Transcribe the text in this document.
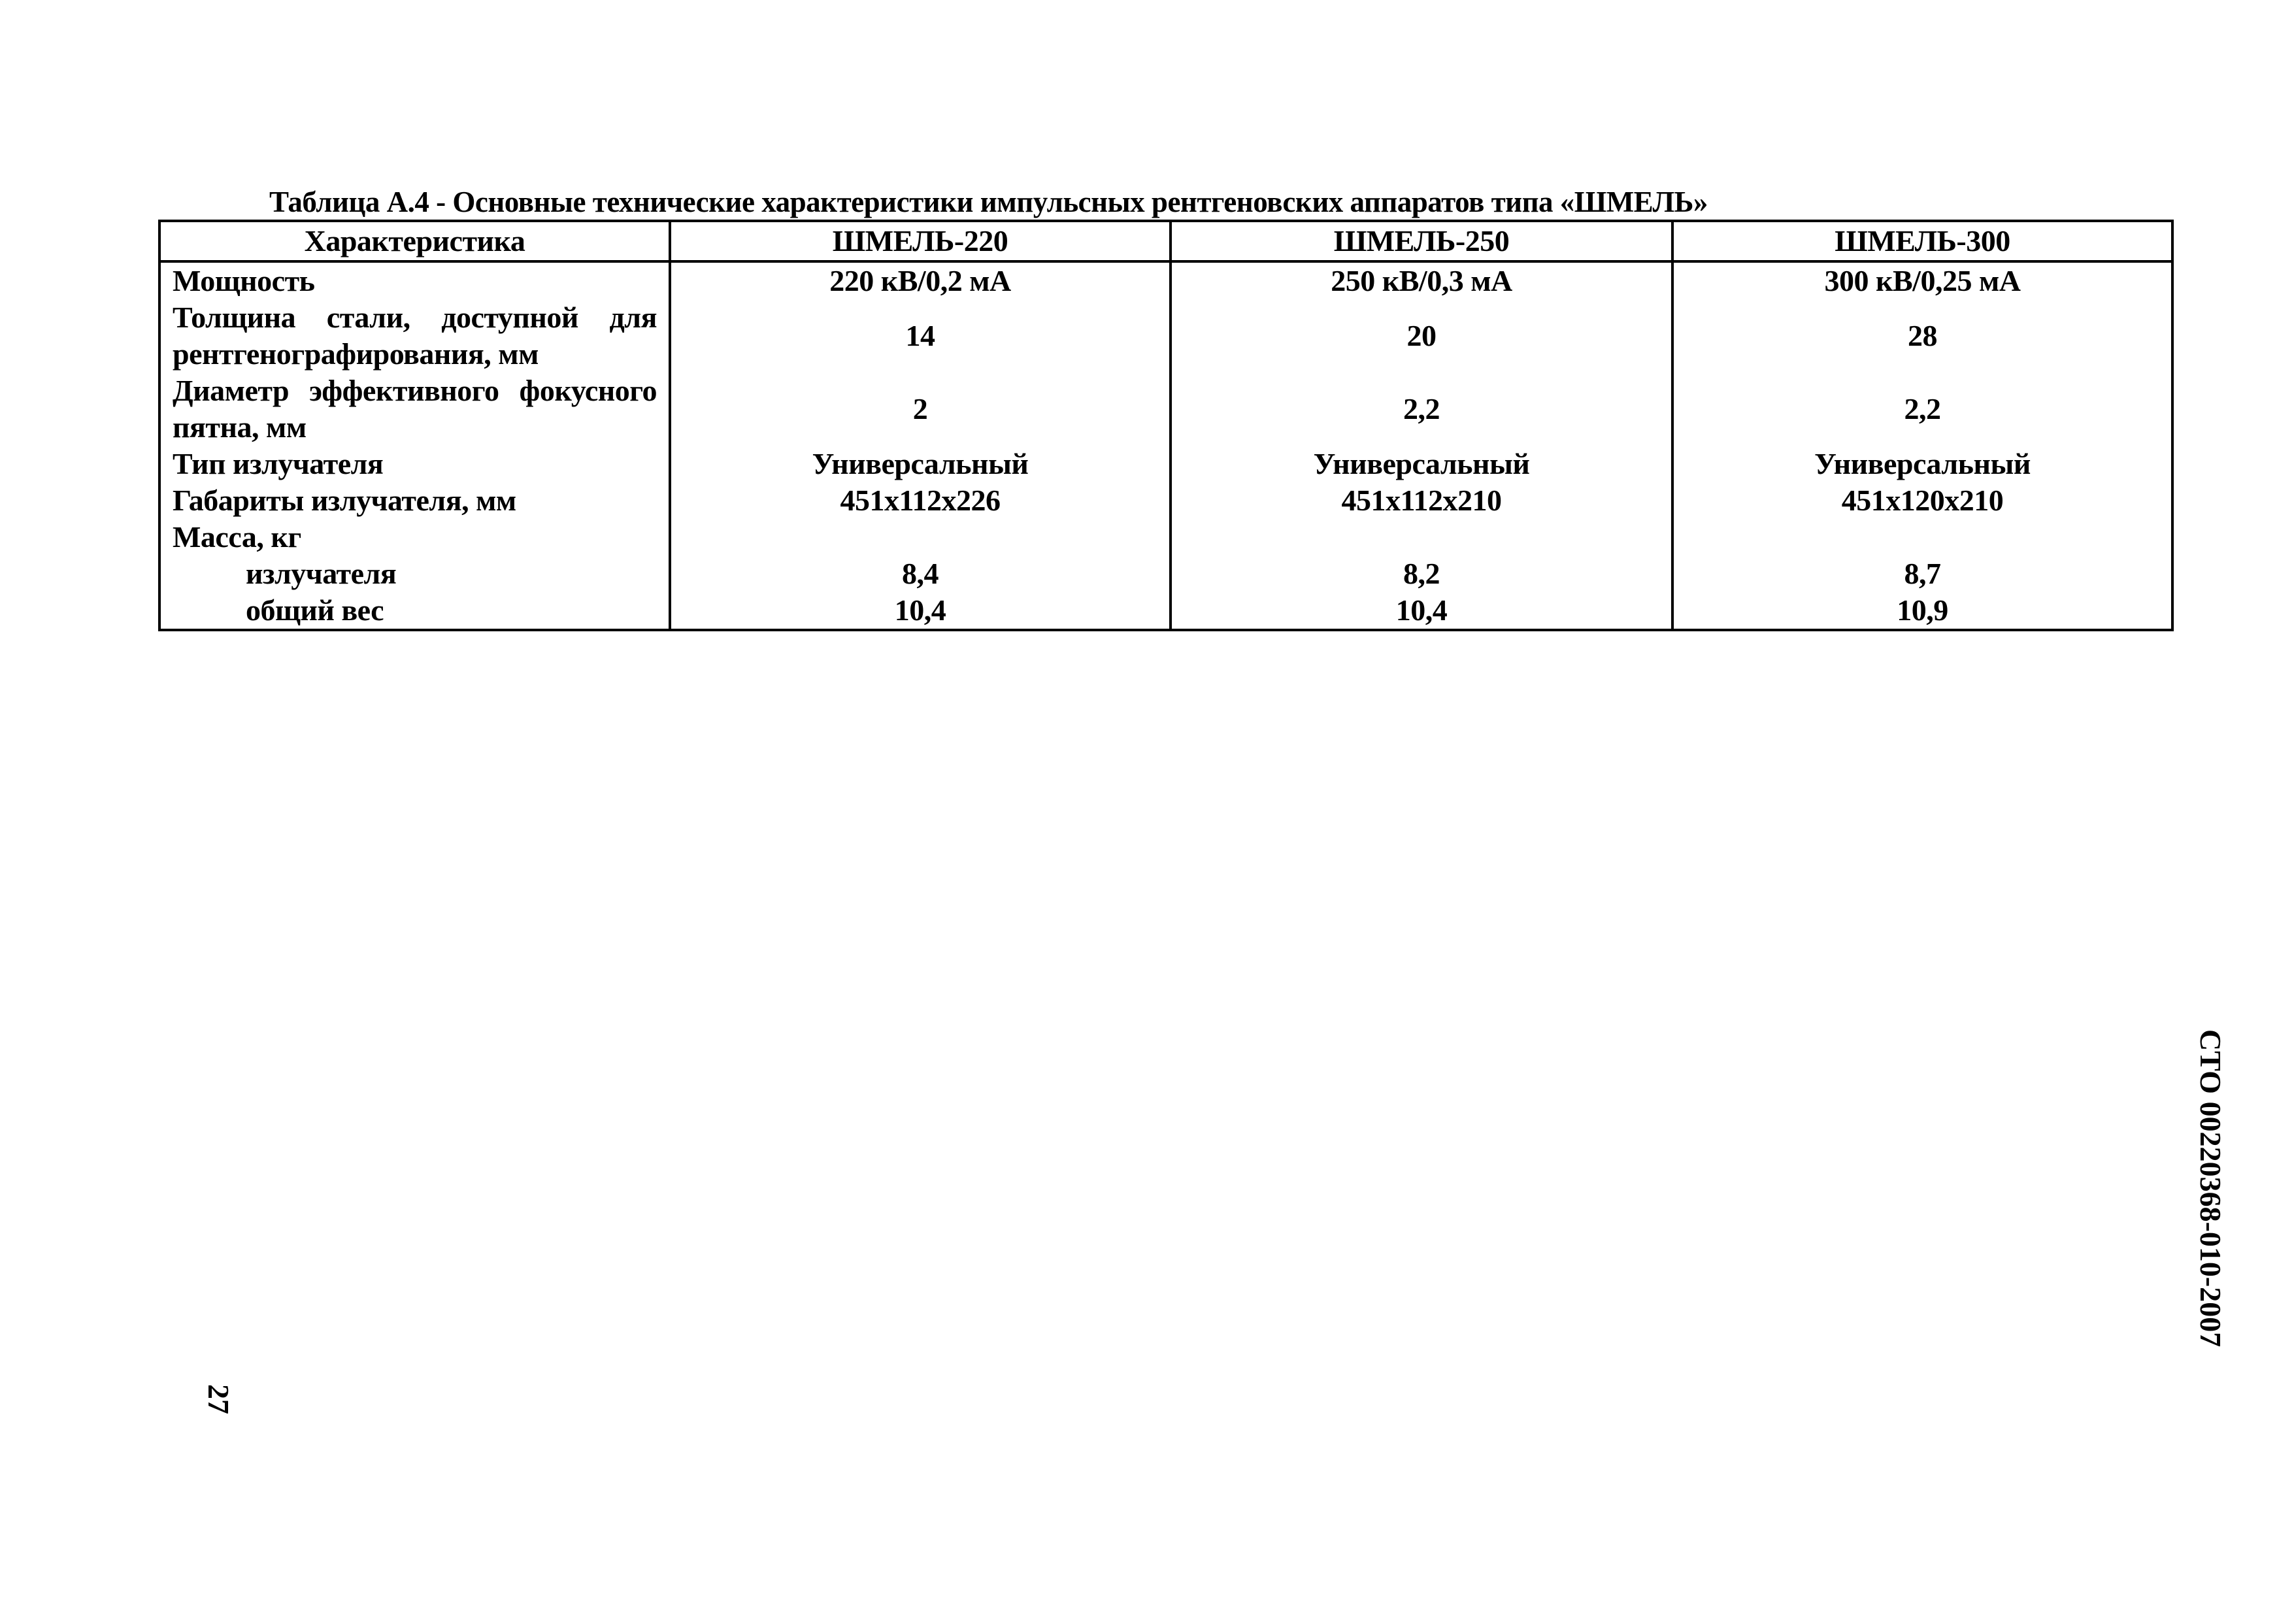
Таблица А.4 - Основные технические характеристики импульсных рентгеновских аппаратов типа «ШМЕЛЬ»
Характеристика	ШМЕЛЬ-220	ШМЕЛЬ-250	ШМЕЛЬ-300
Мощность	220 кВ/0,2 мА	250 кВ/0,3 мА	300 кВ/0,25 мА
Толщина стали, доступной для рентгенографирования, мм	14	20	28
Диаметр эффективного фокусного пятна, мм	2	2,2	2,2
Тип излучателя	Универсальный	Универсальный	Универсальный
Габариты излучателя, мм	451x112x226	451x112x210	451x120x210
Масса, кг			
излучателя	8,4	8,2	8,7
общий вес	10,4	10,4	10,9
СТО 00220368-010-2007
27
